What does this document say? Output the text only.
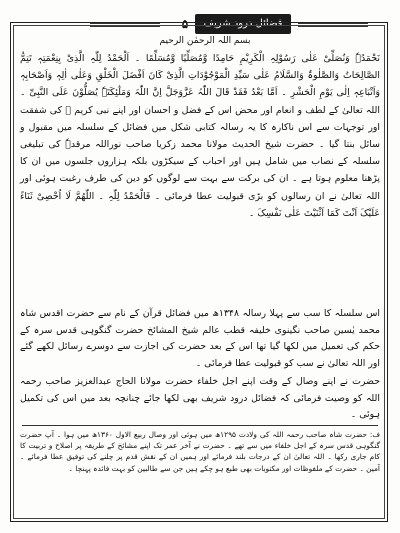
۵	فضائل درود شریف
بسم اللہ الرحمٰن الرحیم

نَحْمَدُہٗ وَنُصَلِّیْ عَلٰی رَسُوْلِہِ الْکَرِیْمِ حَامِدًا وَّمُصَلِّیًا وَّمُسَلِّمًا ۔ اَلْحَمْدُ لِلّٰہِ الَّذِیْ بِنِعْمَتِہٖ تَتِمُّ الصَّالِحَاتُ وَالصَّلٰوۃُ وَالسَّلَامُ عَلٰی سَیِّدِ الْمَوْجُوْدَاتِ الَّذِیْ کَانَ اَفْضَلَ الْخَلْقِ وَعَلٰی اٰلِہٖ وَاَصْحَابِہٖ وَاَتْبَاعِہٖ اِلٰی یَوْمِ الْحَشْرِ ۔ اَمَّا بَعْدُ فَقَدْ قَالَ اللّٰہُ عَزَّوَجَلَّ اِنَّ اللّٰہَ وَمَلٰٓئِکَتَہٗ یُصَلُّوْنَ عَلَی النَّبِیِّ ۔ اللہ تعالیٰ کے لطف و انعام اور محض اس کے فضل و احسان اور اپنے نبی کریم ﷺ کی شفقت اور توجہات سے اس ناکارہ کا یہ رسالہ کتابی شکل میں فضائل کے سلسلہ میں مقبول و سائل بنتا گیا ۔ حضرت شیخ الحدیث مولانا محمد زکریا صاحب نوراللہ مرقدہٗ کی تبلیغی سلسلہ کے نصاب میں شامل ہیں اور احباب کے سیکڑوں بلکہ ہزاروں جلسوں میں ان کا پڑھنا معلوم ہوتا ہے ۔ ان کی برکت سے بہت سے لوگوں کو دین کی طرف رغبت ہوئی اور اللہ تعالیٰ نے ان رسالوں کو بڑی قبولیت عطا فرمائی ۔ فَالْحَمْدُ لِلّٰہِ ۔ اللّٰھُمَّ لَا اُحْصِیْ ثَنَاءً عَلَیْکَ اَنْتَ کَمَا اَثْنَیْتَ عَلٰی نَفْسِکَ ۔

اس سلسلہ کا سب سے پہلا رسالہ ۱۳۴۸ھ میں فضائل قرآن کے نام سے حضرت اقدس شاہ محمد یٰسین صاحب نگینوی خلیفہ قطب عالم شیخ المشائخ حضرت گنگوہی قدس سرہ کے حکم کی تعمیل میں لکھا گیا تھا اس کے بعد حضرت کی اجازت سے دوسرے رسائل لکھے گئے اور اللہ تعالیٰ نے سب کو قبولیت عطا فرمائی ۔

حضرت نے اپنے وصال کے وقت اپنے اجل خلفاء حضرت مولانا الحاج عبدالعزیز صاحب رحمہ اللہ کو وصیت فرمائی کہ فضائل درود شریف بھی لکھا جائے چنانچہ بعد میں اس کی تکمیل ہوئی ۔

ف: حضرت شاہ صاحب رحمہ اللہ کی ولادت ۱۲۹۵ھ میں ہوئی اور وصال ربیع الاول ۱۳۶۰ھ میں ہوا ۔ آپ حضرت گنگوہی قدس سرہ کے اجل خلفاء میں سے تھے ۔ حضرت نے آخر عمر تک اپنے مشائخ کے طریقہ پر اصلاح و تربیت کا کام جاری رکھا ۔ اللہ تعالیٰ ان کے درجات بلند فرمائے اور ہمیں ان کے نقش قدم پر چلنے کی توفیق عطا فرمائے ۔ آمین ۔ حضرت کے ملفوظات اور مکتوبات بھی طبع ہو چکے ہیں جن سے طالبین کو بہت فائدہ پہنچا ۔
